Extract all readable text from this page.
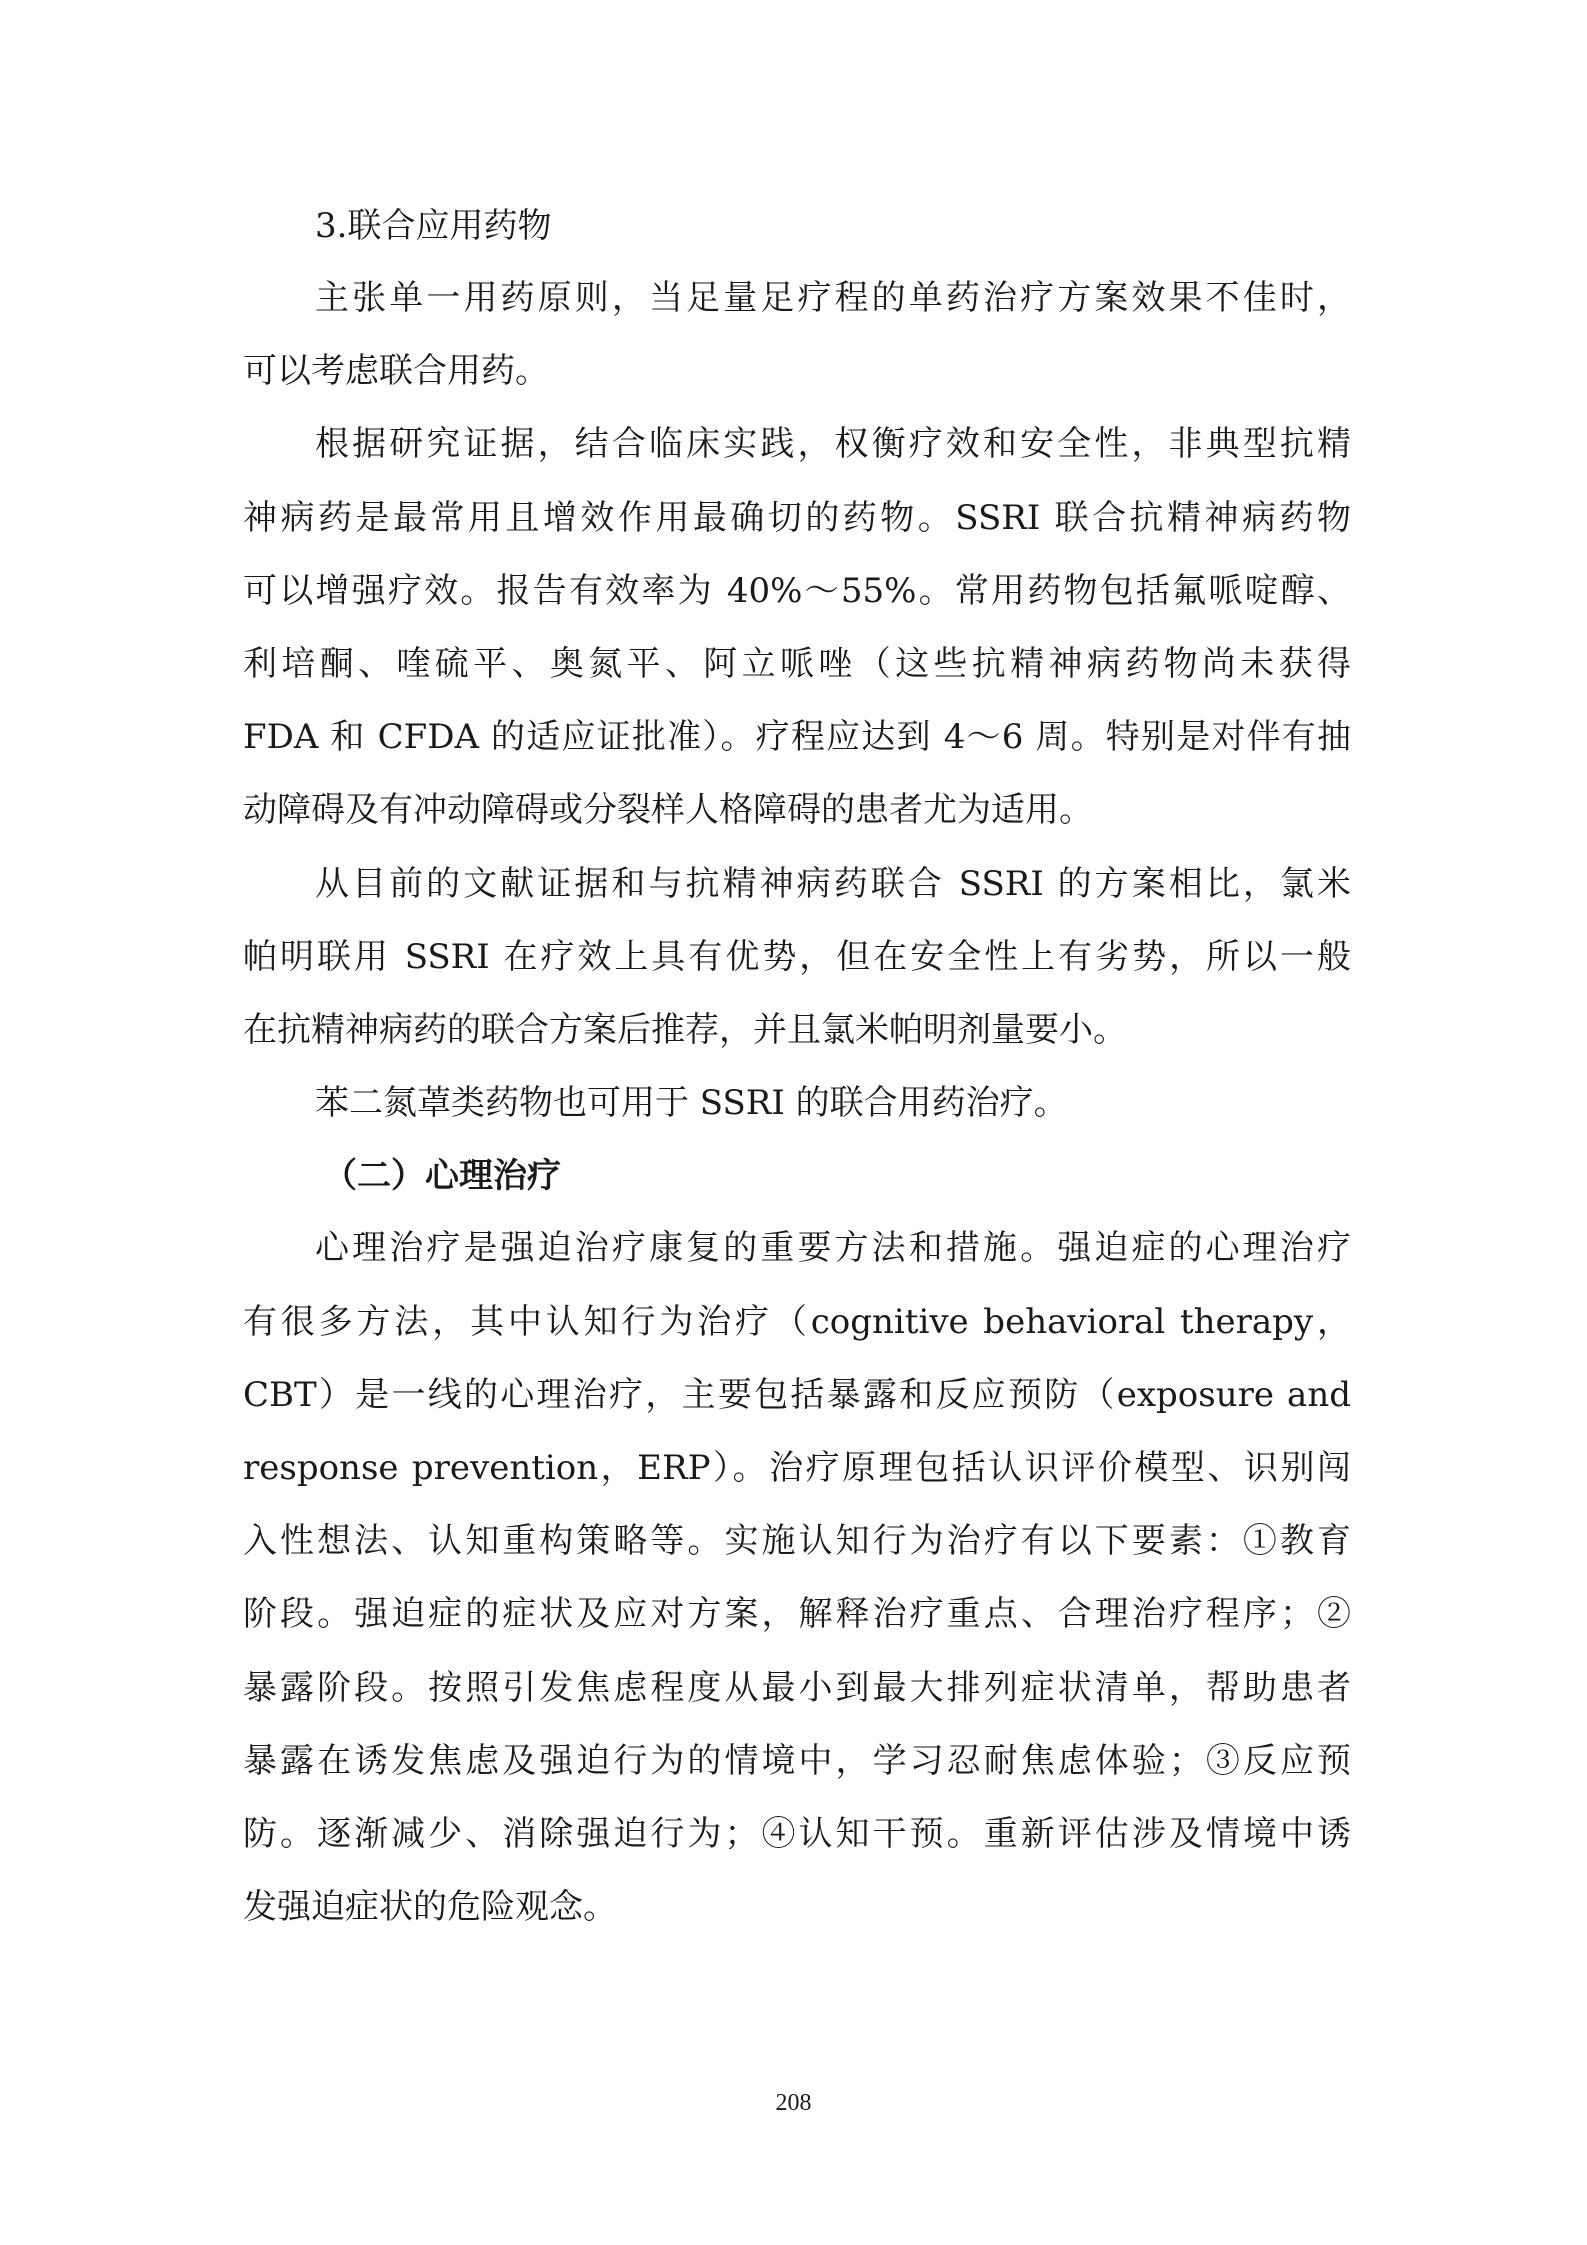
3.联合应用药物

主张单一用药原则，当足量足疗程的单药治疗方案效果不佳时，
可以考虑联合用药。
根据研究证据，结合临床实践，权衡疗效和安全性，非典型抗精
神病药是最常用且增效作用最确切的药物。SSRI 联合抗精神病药物
可以增强疗效。报告有效率为 40%～55%。常用药物包括氟哌啶醇、
利培酮、喹硫平、奥氮平、阿立哌唑（这些抗精神病药物尚未获得
FDA 和 CFDA 的适应证批准）。疗程应达到 4～6 周。特别是对伴有抽
动障碍及有冲动障碍或分裂样人格障碍的患者尤为适用。
从目前的文献证据和与抗精神病药联合 SSRI 的方案相比，氯米
帕明联用 SSRI 在疗效上具有优势，但在安全性上有劣势，所以一般
在抗精神病药的联合方案后推荐，并且氯米帕明剂量要小。
苯二氮䓬类药物也可用于 SSRI 的联合用药治疗。

（二）心理治疗

心理治疗是强迫治疗康复的重要方法和措施。强迫症的心理治疗
有很多方法，其中认知行为治疗（cognitive behavioral therapy，
CBT）是一线的心理治疗，主要包括暴露和反应预防（exposure and
response prevention，ERP）。治疗原理包括认识评价模型、识别闯
入性想法、认知重构策略等。实施认知行为治疗有以下要素：①教育
阶段。强迫症的症状及应对方案，解释治疗重点、合理治疗程序；②
暴露阶段。按照引发焦虑程度从最小到最大排列症状清单，帮助患者
暴露在诱发焦虑及强迫行为的情境中，学习忍耐焦虑体验；③反应预
防。逐渐减少、消除强迫行为；④认知干预。重新评估涉及情境中诱
发强迫症状的危险观念。
208
